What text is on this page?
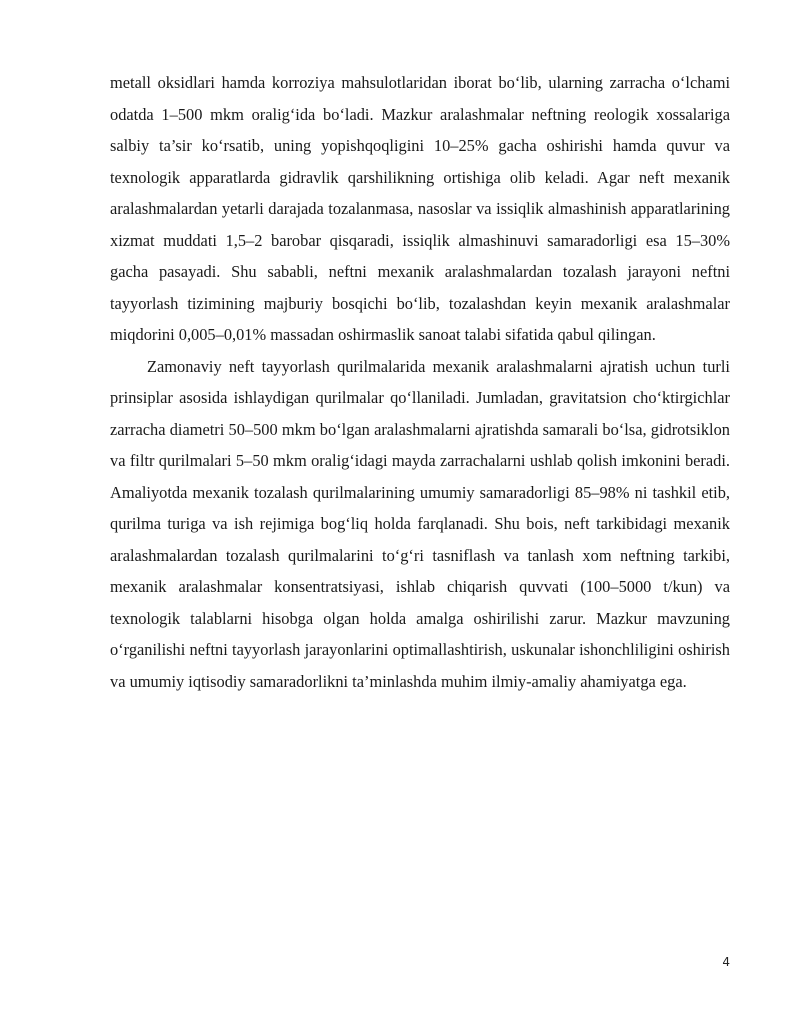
metall oksidlari hamda korroziya mahsulotlaridan iborat bo‘lib, ularning zarracha o‘lchami odatda 1–500 mkm oralig‘ida bo‘ladi. Mazkur aralashmalar neftning reologik xossalariga salbiy ta’sir ko‘rsatib, uning yopishqoqligini 10–25% gacha oshirishi hamda quvur va texnologik apparatlarda gidravlik qarshilikning ortishiga olib keladi. Agar neft mexanik aralashmalardan yetarli darajada tozalanmasa, nasoslar va issiqlik almashinish apparatlarining xizmat muddati 1,5–2 barobar qisqaradi, issiqlik almashinuvi samaradorligi esa 15–30% gacha pasayadi. Shu sababli, neftni mexanik aralashmalardan tozalash jarayoni neftni tayyorlash tizimining majburiy bosqichi bo‘lib, tozalashdan keyin mexanik aralashmalar miqdorini 0,005–0,01% massadan oshirmaslik sanoat talabi sifatida qabul qilingan.

Zamonaviy neft tayyorlash qurilmalarida mexanik aralashmalarni ajratish uchun turli prinsiplar asosida ishlaydigan qurilmalar qo‘llaniladi. Jumladan, gravitatsion cho‘ktirgichlar zarracha diametri 50–500 mkm bo‘lgan aralashmalarni ajratishda samarali bo‘lsa, gidrotsiklon va filtr qurilmalari 5–50 mkm oralig‘idagi mayda zarrachalarni ushlab qolish imkonini beradi. Amaliyotda mexanik tozalash qurilmalarining umumiy samaradorligi 85–98% ni tashkil etib, qurilma turiga va ish rejimiga bog‘liq holda farqlanadi. Shu bois, neft tarkibidagi mexanik aralashmalardan tozalash qurilmalarini to‘g‘ri tasniflash va tanlash xom neftning tarkibi, mexanik aralashmalar konsentratsiyasi, ishlab chiqarish quvvati (100–5000 t/kun) va texnologik talablarni hisobga olgan holda amalga oshirilishi zarur. Mazkur mavzuning o‘rganilishi neftni tayyorlash jarayonlarini optimallashtirish, uskunalar ishonchliligini oshirish va umumiy iqtisodiy samaradorlikni ta’minlashda muhim ilmiy-amaliy ahamiyatga ega.

4
